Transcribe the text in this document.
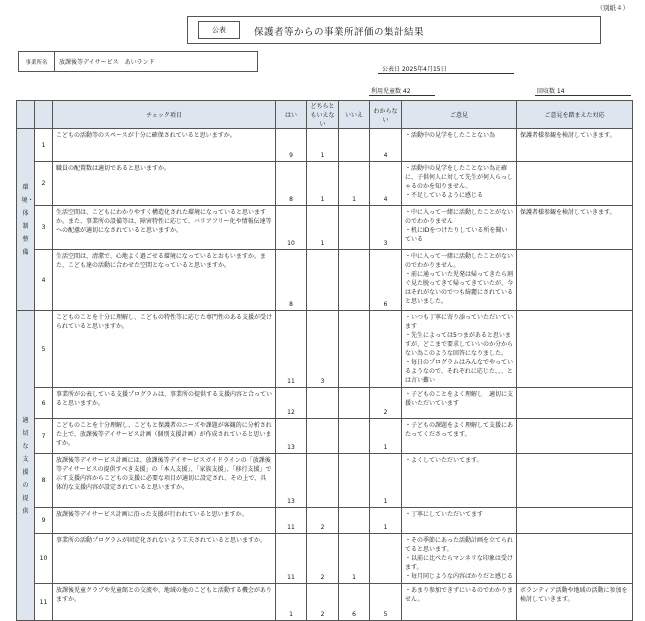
（別紙４）
公表	保護者等からの事業所評価の集計結果
事業所名	放課後等デイサービス　あいランド
公表日 2025年4月15日
利用児童数 42	回収数 14
		チェック項目	はい	どちらともいえない	いいえ	わからない	ご意見	ご意見を踏まえた対応

環境・体制整備	1	こどもの活動等のスペースが十分に確保されていると思いますか。	9	1		4	・活動中の見学をしたことない為	保護者様参観を検討していきます。
	2	職員の配置数は適切であると思いますか。	8	1	1	4	・活動中の見学をしたことない為正確に、子供何人に対して先生が何人らっしゃるのかを知りません。
・不足しているように感じる	

	3	生活空間は、こどもにわかりやすく構造化された環境になっていると思いますか。また、事業所の設備等は、障害特性に応じて、バリアフリー化や情報伝達等への配慮が適切になされていると思いますか。	10	1		3	・中に入って一緒に活動したことがないのでわかりません
・机にIDをつけたりしている所を聞いている	保護者様参観を検討していきます。
	4	生活空間は、清潔で、心地よく過ごせる環境になっているとおもいますか。また、こども達の活動に合わせた空間となっていると思いますか。	8			6	・中に入って一緒に活動したことがないのでわかりません。
・前に通っていた児発は帰ってきたら割ぐ見た脱ってきて帰ってきていたが、今はそれがないのでつも綺麗にされていると思いました。	

適切な支援の提供	5	こどものことを十分に理解し、こどもの特性等に応じた専門性のある支援が受けられていると思いますか。	11	3			・いつも丁寧に寄り添っていただいています
・先生によっては5つまがあると思いますが、どこまで要求していいのか分からない為このような回答になりました。
・毎日のプログラムはみんなでやっているようなので、それぞれに応じた、、、とは言い難い	

	6	事業所が公表している支援プログラムは、事業所の提供する支援内容と合っていると思いますか。	12			2	・子どものことをよく理解し　適切に支援いただいています	

	7	こどものことを十分理解し、こどもと保護者のニーズや課題が客観的に分析された上で、放課後等デイサービス計画（個別支援計画）が作成されていると思いますか。	13			1	・子どもの課題をよく理解して支援にあたってくださってます。	

	8	放課後等デイサービス計画には、放課後等デイサービスガイドラインの「放課後等デイサービスの提供すべき支援」の「本人支援」、「家族支援」、「移行支援」で示す支援内容からこどもの支援に必要な項目が適切に設定され、その上で、具体的な支援内容が設定されていると思いますか。	13			1	・よくしていただいてます。	

	9	放課後等デイサービス計画に沿った支援が行われていると思いますか。	11	2		1	・丁寧にしていただいてます	

	10	事業所の活動プログラムが固定化されないよう工夫されていると思いますか。	11	2	1		・その季節にあった活動計画を立てられてると思います。
・以前に比べたらマンネリな印象は受けます。
・毎月同じような内容ばかりだと感じる	

	11	放課後児童クラブや児童館との交流や、地域の他のこどもと活動する機会がありますか。	1	2	6	5	・あまり参加できずにいるのでわかりません。	ボランティア活動や地域の活動に参加を検討していきます。
